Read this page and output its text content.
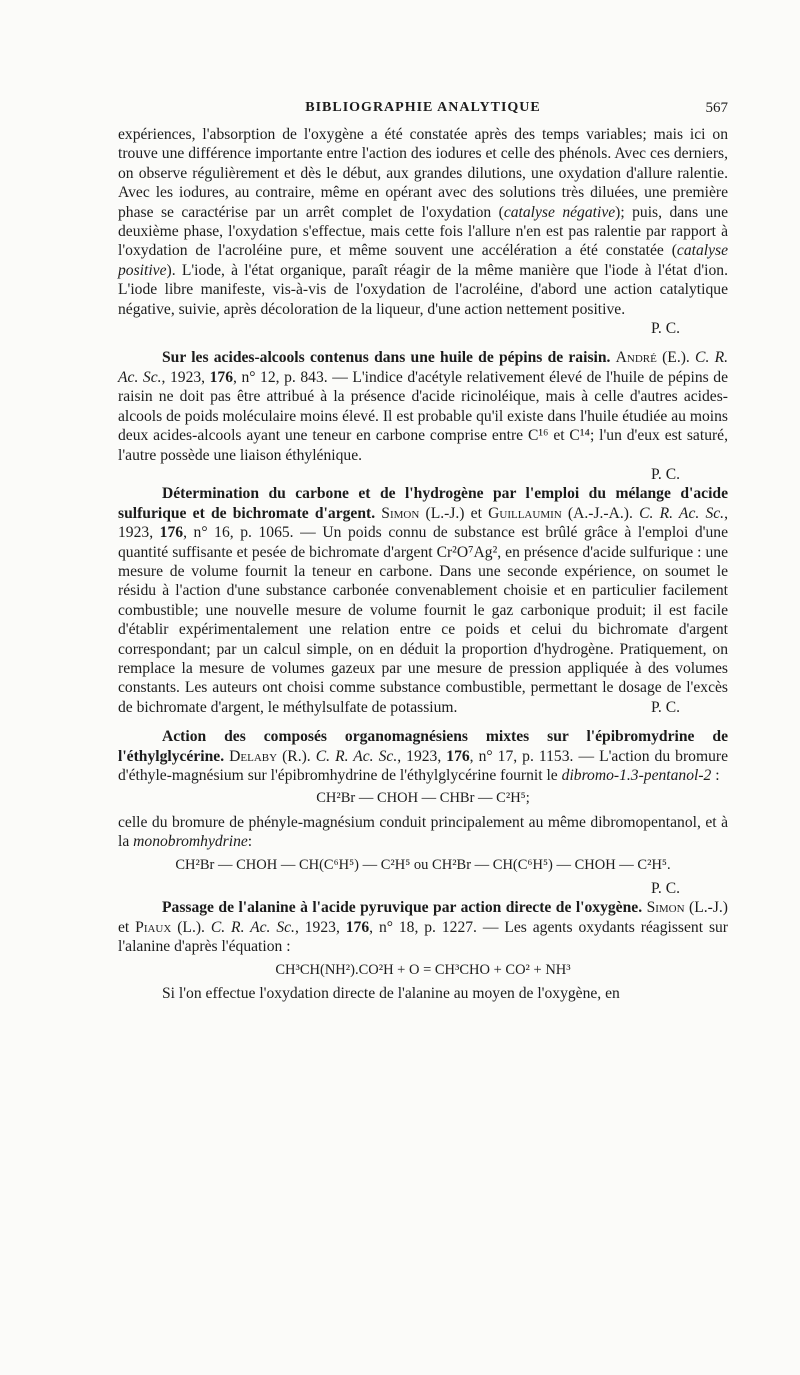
BIBLIOGRAPHIE ANALYTIQUE	567

expériences, l'absorption de l'oxygène a été constatée après des temps variables; mais ici on trouve une différence importante entre l'action des iodures et celle des phénols. Avec ces derniers, on observe régulièrement et dès le début, aux grandes dilutions, une oxydation d'allure ralentie. Avec les iodures, au contraire, même en opérant avec des solutions très diluées, une première phase se caractérise par un arrêt complet de l'oxydation (catalyse négative); puis, dans une deuxième phase, l'oxydation s'effectue, mais cette fois l'allure n'en est pas ralentie par rapport à l'oxydation de l'acroléine pure, et même souvent une accélération a été constatée (catalyse positive). L'iode, à l'état organique, paraît réagir de la même manière que l'iode à l'état d'ion. L'iode libre manifeste, vis-à-vis de l'oxydation de l'acroléine, d'abord une action catalytique négative, suivie, après décoloration de la liqueur, d'une action nettement positive.

P. C.

Sur les acides-alcools contenus dans une huile de pépins de raisin. André (E.). C. R. Ac. Sc., 1923, 176, n° 12, p. 843. — L'indice d'acétyle relativement élevé de l'huile de pépins de raisin ne doit pas être attribué à la présence d'acide ricinoléique, mais à celle d'autres acides-alcools de poids moléculaire moins élevé. Il est probable qu'il existe dans l'huile étudiée au moins deux acides-alcools ayant une teneur en carbone comprise entre C¹⁶ et C¹⁴; l'un d'eux est saturé, l'autre possède une liaison éthylénique.

P. C.

Détermination du carbone et de l'hydrogène par l'emploi du mélange d'acide sulfurique et de bichromate d'argent. Simon (L.-J.) et Guillaumin (A.-J.-A.). C. R. Ac. Sc., 1923, 176, n° 16, p. 1065. — Un poids connu de substance est brûlé grâce à l'emploi d'une quantité suffisante et pesée de bichromate d'argent Cr²O⁷Ag², en présence d'acide sulfurique : une mesure de volume fournit la teneur en carbone. Dans une seconde expérience, on soumet le résidu à l'action d'une substance carbonée convenablement choisie et en particulier facilement combustible; une nouvelle mesure de volume fournit le gaz carbonique produit; il est facile d'établir expérimentalement une relation entre ce poids et celui du bichromate d'argent correspondant; par un calcul simple, on en déduit la proportion d'hydrogène. Pratiquement, on remplace la mesure de volumes gazeux par une mesure de pression appliquée à des volumes constants. Les auteurs ont choisi comme substance combustible, permettant le dosage de l'excès de bichromate d'argent, le méthylsulfate de potassium.	P. C.

Action des composés organomagnésiens mixtes sur l'épibromydrine de l'éthylglycérine. Delaby (R.). C. R. Ac. Sc., 1923, 176, n° 17, p. 1153. — L'action du bromure d'éthyle-magnésium sur l'épibromhydrine de l'éthylglycérine fournit le dibromo-1.3-pentanol-2 :

CH²Br — CHOH — CHBr — C²H⁵;

celle du bromure de phényle-magnésium conduit principalement au même dibromopentanol, et à la monobromhydrine:

CH²Br — CHOH — CH(C⁶H⁵) — C²H⁵ ou CH²Br — CH(C⁶H⁵) — CHOH — C²H⁵.

P. C.

Passage de l'alanine à l'acide pyruvique par action directe de l'oxygène. Simon (L.-J.) et Piaux (L.). C. R. Ac. Sc., 1923, 176, n° 18, p. 1227. — Les agents oxydants réagissent sur l'alanine d'après l'équation :

CH³CH(NH²).CO²H + O = CH³CHO + CO² + NH³

Si l'on effectue l'oxydation directe de l'alanine au moyen de l'oxygène, en
